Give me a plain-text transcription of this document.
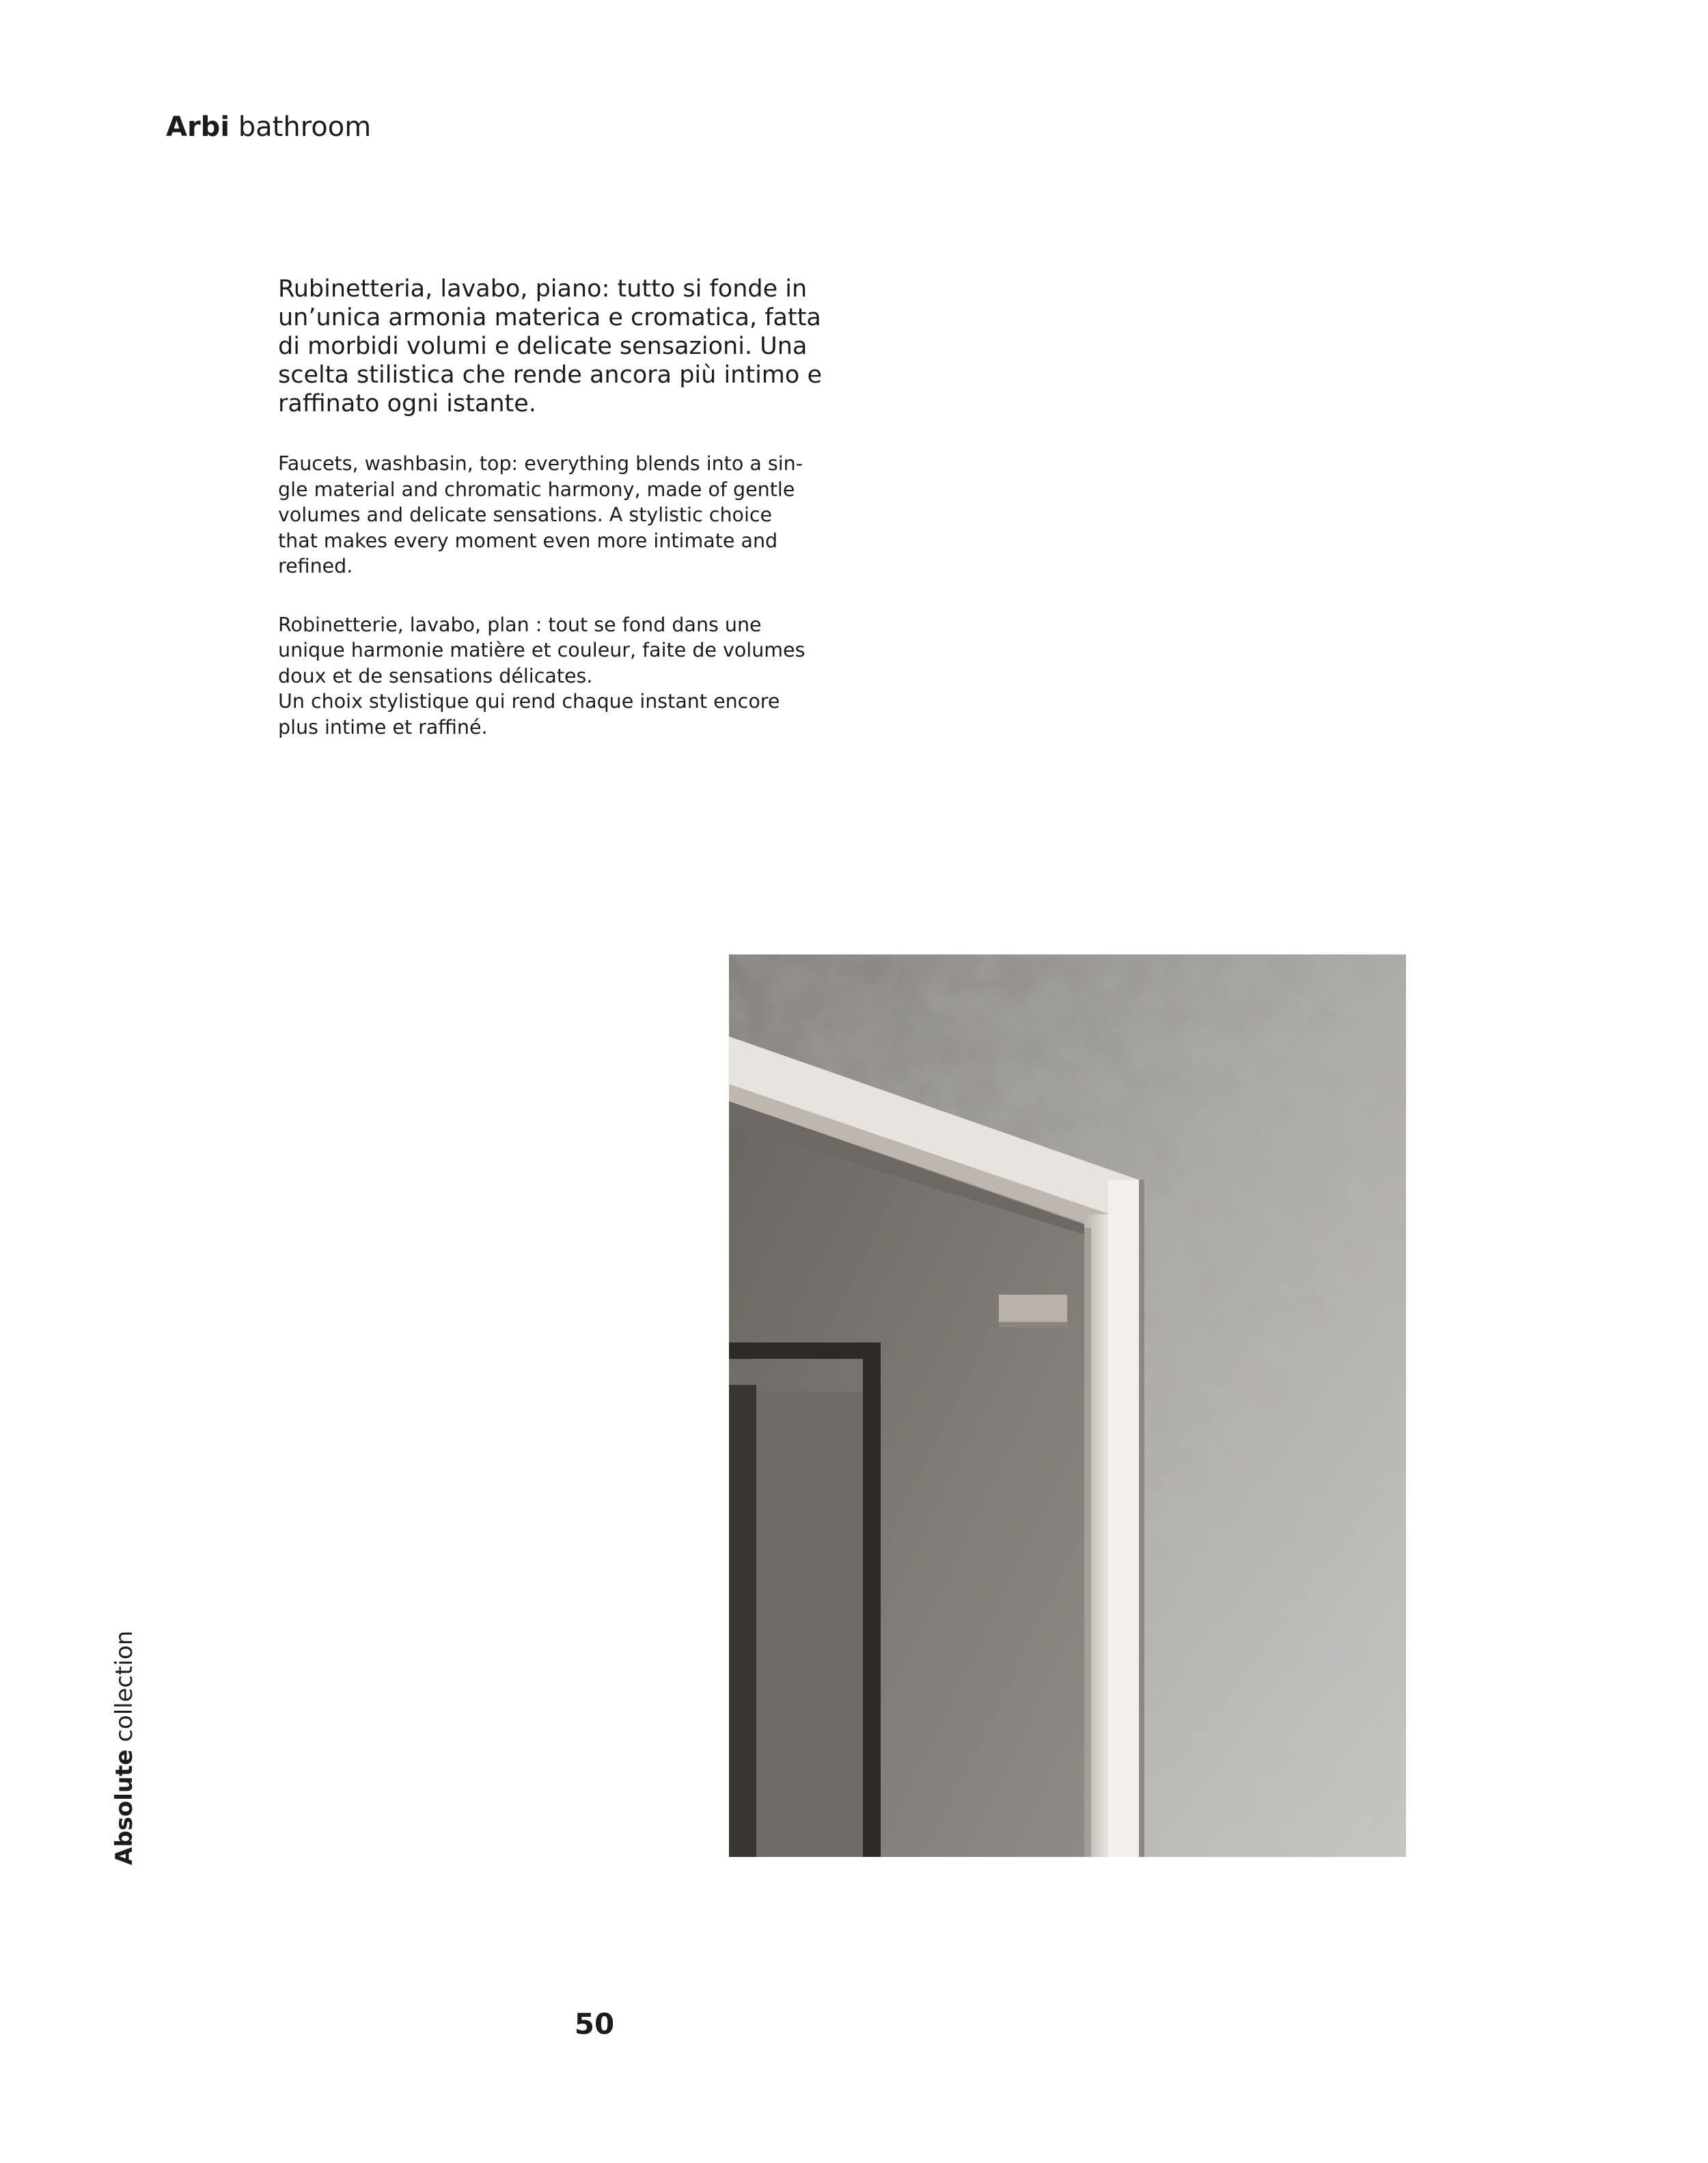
Arbi bathroom

Rubinetteria, lavabo, piano: tutto si fonde in
un’unica armonia materica e cromatica, fatta
di morbidi volumi e delicate sensazioni. Una
scelta stilistica che rende ancora più intimo e
raffinato ogni istante.

Faucets, washbasin, top: everything blends into a sin-
gle material and chromatic harmony, made of gentle
volumes and delicate sensations. A stylistic choice
that makes every moment even more intimate and
refined.

Robinetterie, lavabo, plan : tout se fond dans une
unique harmonie matière et couleur, faite de volumes
doux et de sensations délicates.
Un choix stylistique qui rend chaque instant encore
plus intime et raffiné.

Absolute collection
50
